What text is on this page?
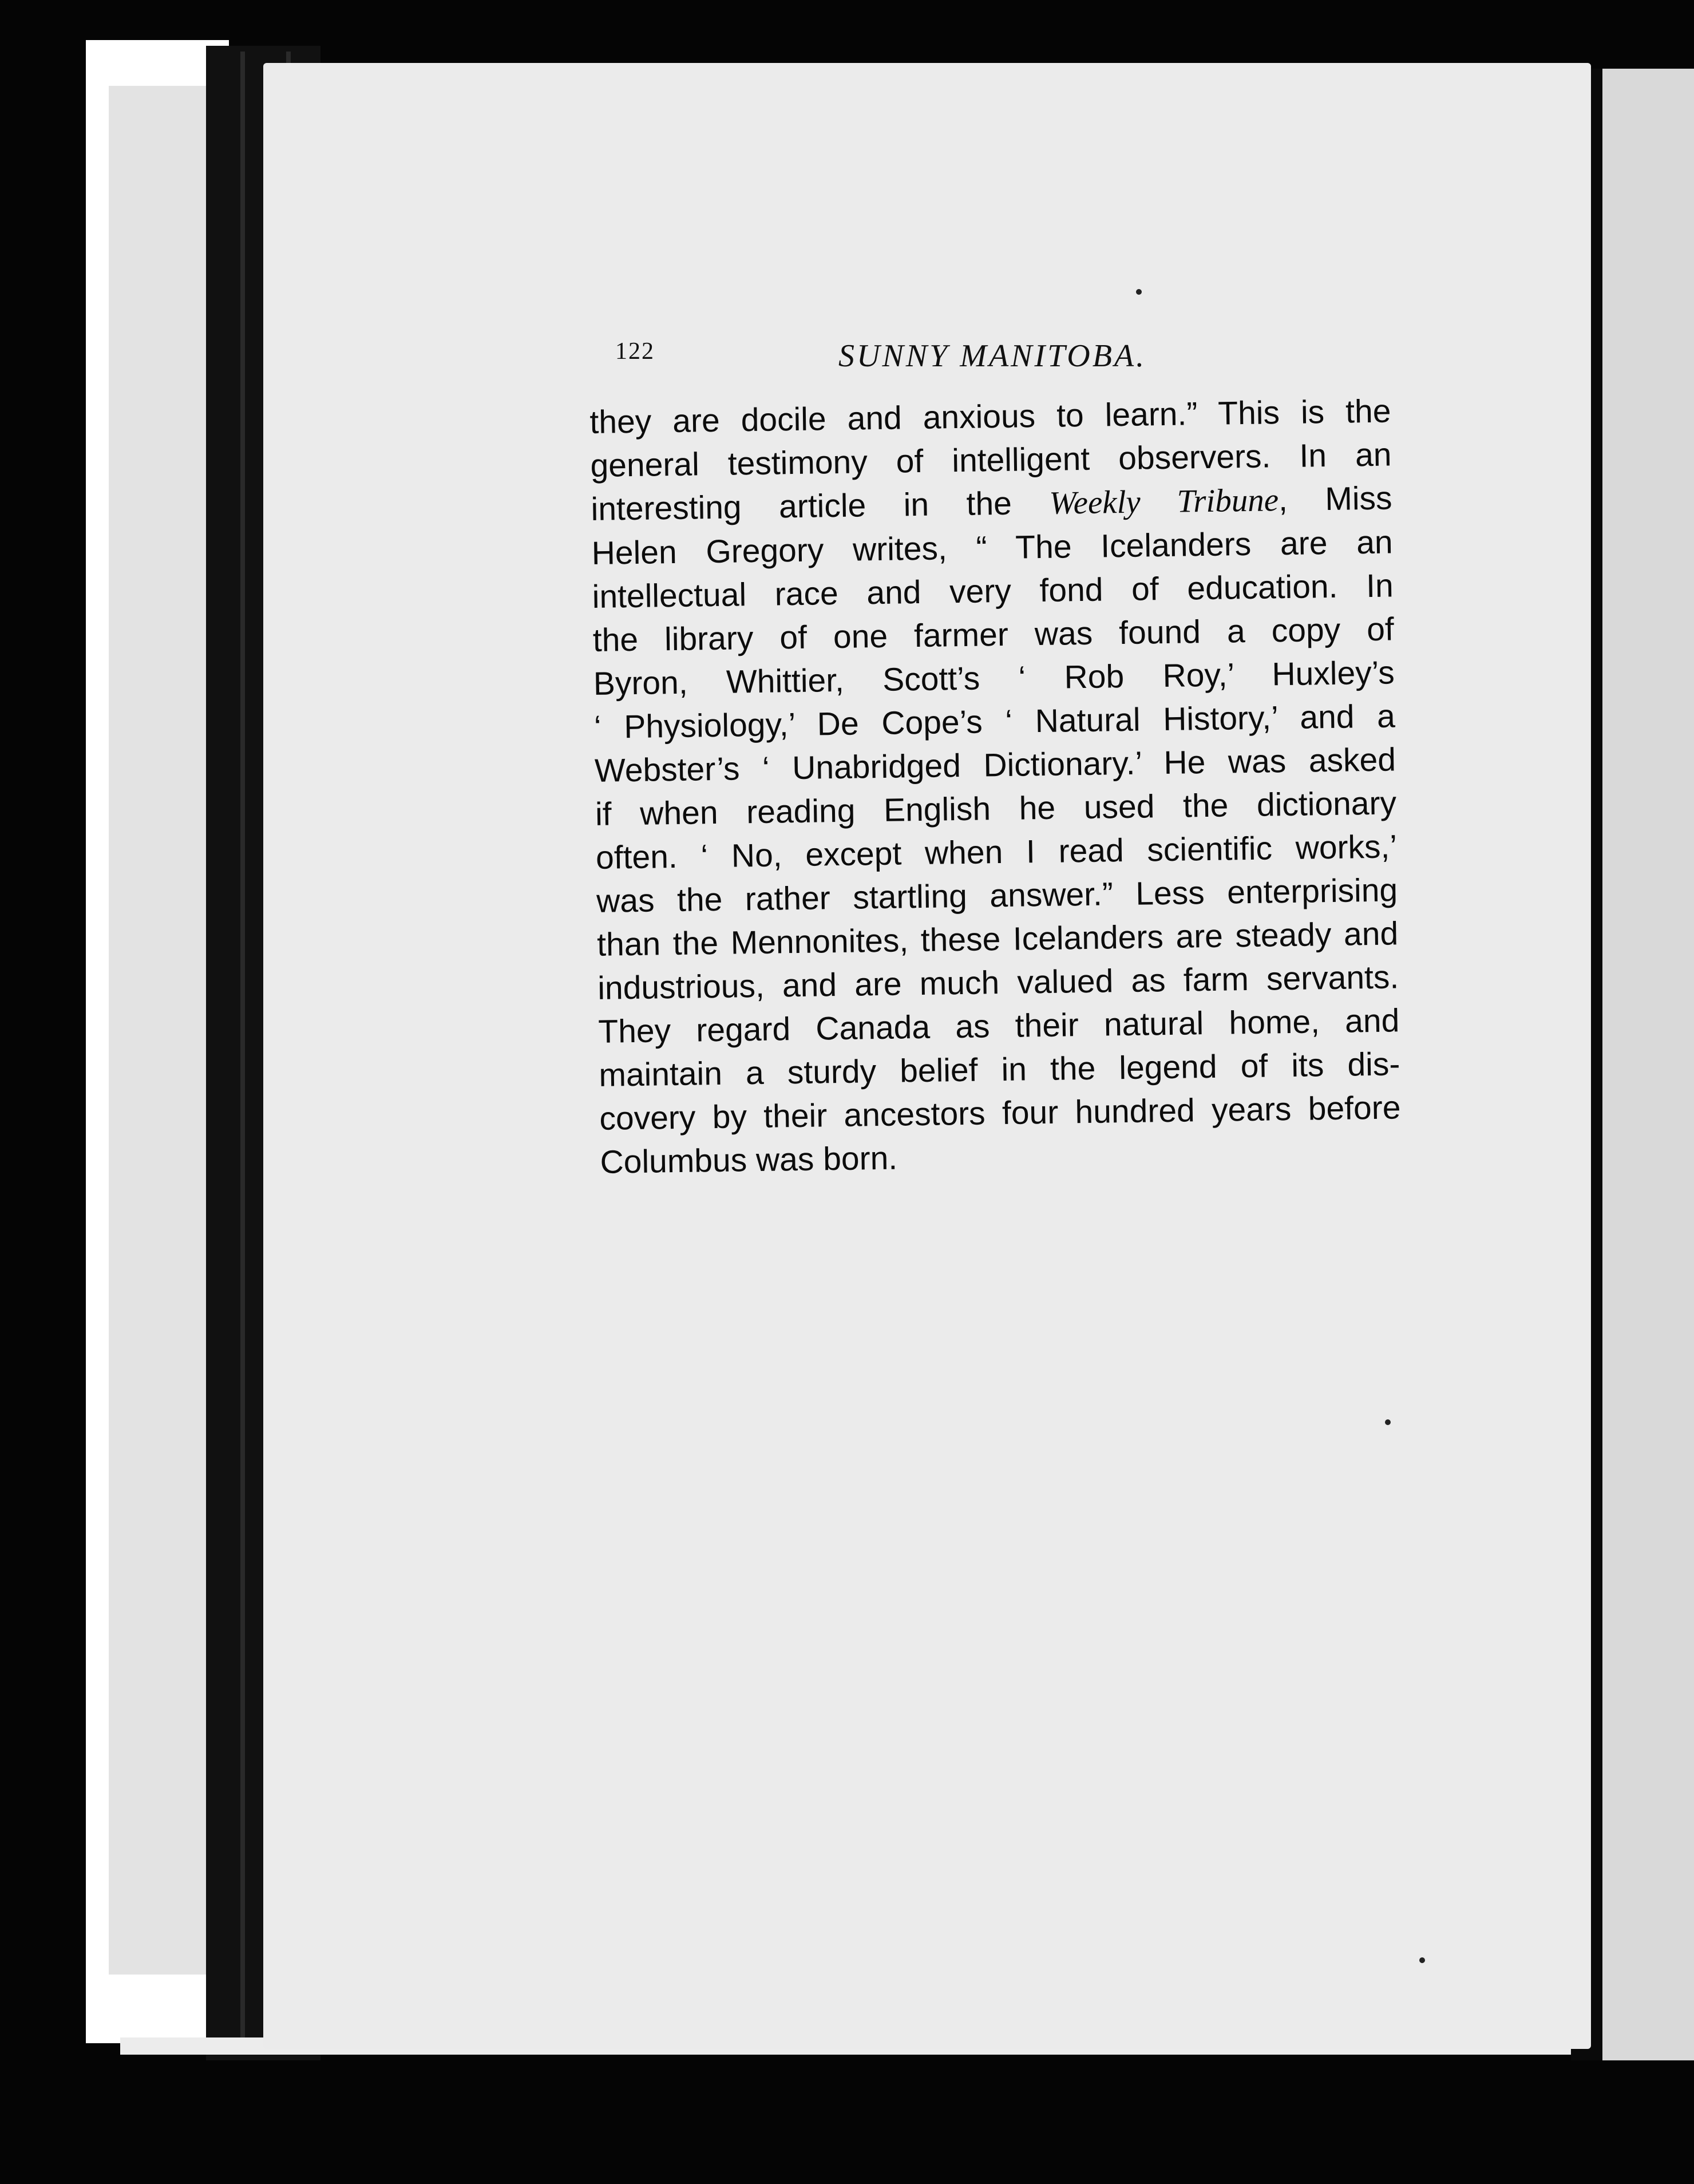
122	SUNNY MANITOBA.
they are docile and anxious to learn.” This is the
general testimony of intelligent observers. In an
interesting article in the Weekly Tribune, Miss
Helen Gregory writes, “ The Icelanders are an
intellectual race and very fond of education. In
the library of one farmer was found a copy of
Byron, Whittier, Scott’s ‘ Rob Roy,’ Huxley’s
‘ Physiology,’ De Cope’s ‘ Natural History,’ and a
Webster’s ‘ Unabridged Dictionary.’ He was asked
if when reading English he used the dictionary
often. ‘ No, except when I read scientific works,’
was the rather startling answer.” Less enterprising
than the Mennonites, these Icelanders are steady and
industrious, and are much valued as farm servants.
They regard Canada as their natural home, and
maintain a sturdy belief in the legend of its dis-
covery by their ancestors four hundred years before
Columbus was born.
